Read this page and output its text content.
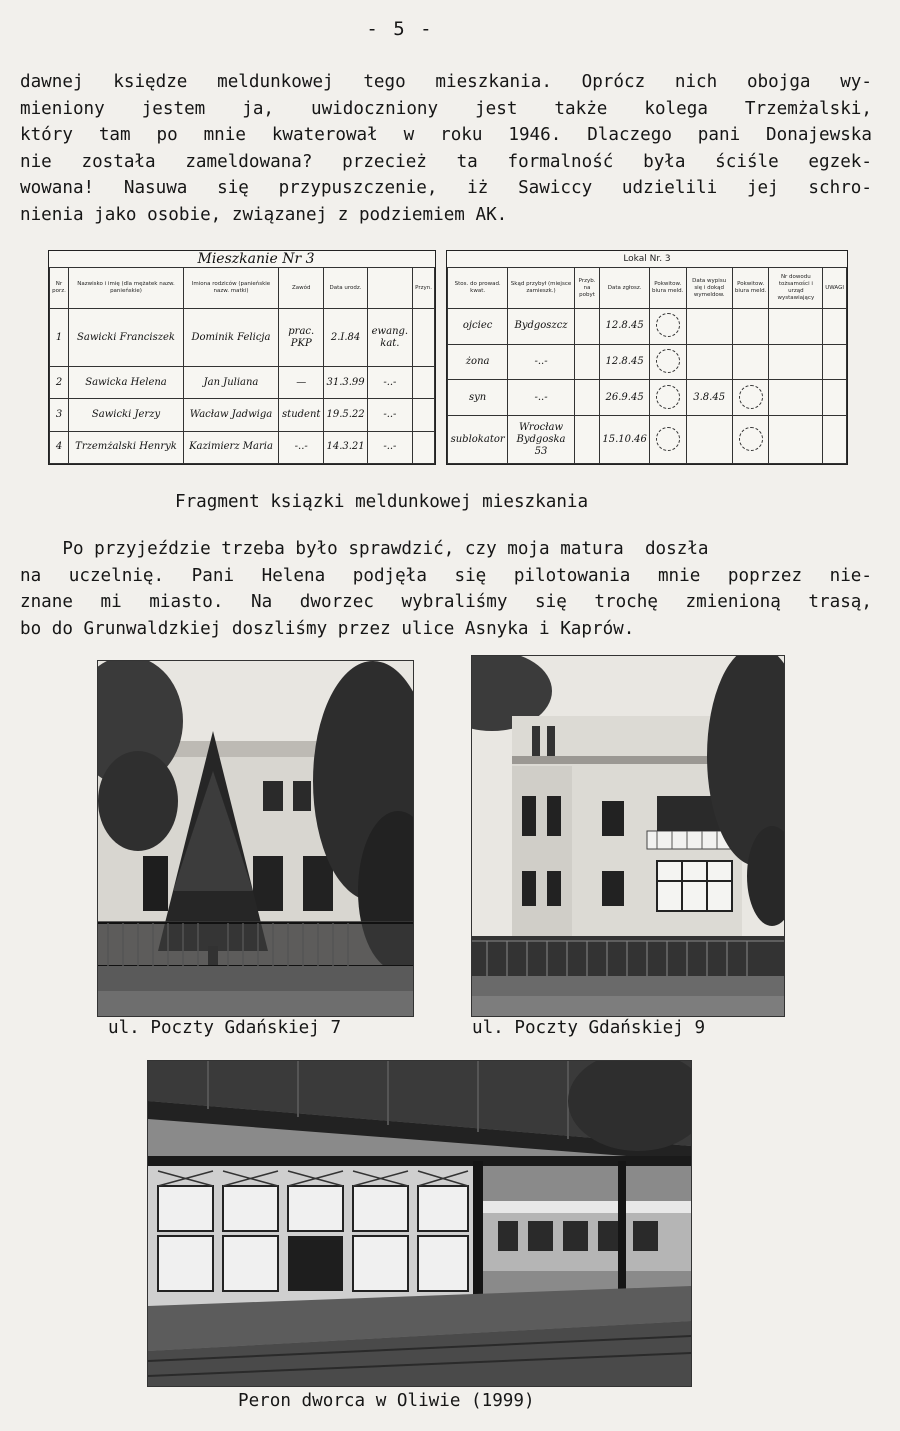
- 5 -
dawnej księdze meldunkowej tego mieszkania. Oprócz nich obojga wy-
mieniony jestem ja, uwidoczniony jest także kolega Trzemżalski,
który tam po mnie kwaterował w roku 1946. Dlaczego pani Donajewska
nie została zameldowana? przecież ta formalność była ściśle egzek-
wowana! Nasuwa się przypuszczenie, iż Sawiccy udzielili jej schro-
nienia jako osobie, związanej z podziemiem AK.
Mieszkanie Nr 3						
Nr porz.	Nazwisko i imię (dla mężatek nazw. panieńskie)	Imiona rodziców (panieńskie nazw. matki)	Zawód	Data urodz.		Przyn.
1	Sawicki Franciszek	Dominik Felicja	prac. PKP	2.I.84	ewang. kat.	
2	Sawicka Helena	Jan Juliana	—	31.3.99	-..-	
3	Sawicki Jerzy	Wacław Jadwiga	student	19.5.22	-..-	
4	Trzemżalski Henryk	Kazimierz Maria	-..-	14.3.21	-..-	
Lokal Nr. 3								
Stos. do prowad. kwat.	Skąd przybył (miejsce zamieszk.)	Przyb. na pobyt	Data zgłosz.	Pokwitow. biura meld.	Data wypisu się i dokąd wymeldow.	Pokwitow. biura meld.	Nr dowodu tożsamości i urząd wystawiający	UWAGI
ojciec	Bydgoszcz		12.8.45					
żona	-..-		12.8.45					
syn	-..-		26.9.45		3.8.45			
sublokator	Wrocław Bydgoska 53		15.10.46					
Fragment ksiązki meldunkowej mieszkania
Po przyjeździe trzeba było sprawdzić, czy moja matura  doszła
na uczelnię. Pani Helena podjęła się pilotowania mnie poprzez nie-
znane mi miasto. Na dworzec wybraliśmy się trochę zmienioną trasą,
bo do Grunwaldzkiej doszliśmy przez ulice Asnyka i Kaprów.
ul. Poczty Gdańskiej 7	ul. Poczty Gdańskiej 9
Peron dworca w Oliwie (1999)
